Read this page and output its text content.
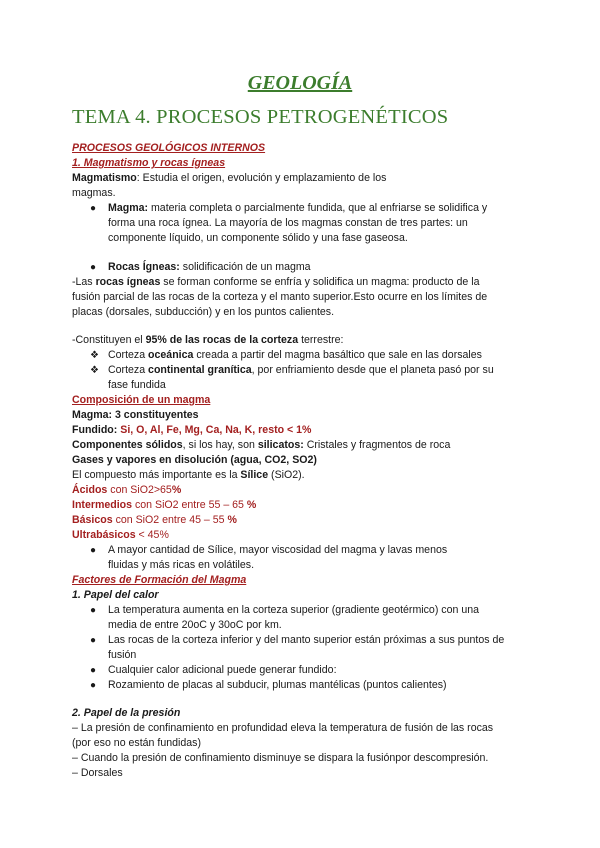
GEOLOGÍA
TEMA 4. PROCESOS PETROGENÉTICOS
PROCESOS GEOLÓGICOS INTERNOS
1. Magmatismo y rocas ígneas
Magmatismo: Estudia el origen, evolución y emplazamiento de los
magmas.
● Magma: materia completa o parcialmente fundida, que al enfriarse se solidifica y
forma una roca ígnea. La mayoría de los magmas constan de tres partes: un
componente líquido, un componente sólido y una fase gaseosa.
● Rocas Ígneas: solidificación de un magma
-Las rocas ígneas se forman conforme se enfría y solidifica un magma: producto de la
fusión parcial de las rocas de la corteza y el manto superior.Esto ocurre en los límites de
placas (dorsales, subducción) y en los puntos calientes.
-Constituyen el 95% de las rocas de la corteza terrestre:
❖ Corteza oceánica creada a partir del magma basáltico que sale en las dorsales
❖ Corteza continental granítica, por enfriamiento desde que el planeta pasó por su
fase fundida
Composición de un magma
Magma: 3 constituyentes
Fundido: Si, O, Al, Fe, Mg, Ca, Na, K, resto < 1%
Componentes sólidos, si los hay, son silicatos: Cristales y fragmentos de roca
Gases y vapores en disolución (agua, CO2, SO2)
El compuesto más importante es la Sílice (SiO2).
Ácidos con SiO2>65%
Intermedios con SiO2 entre 55 – 65 %
Básicos con SiO2 entre 45 – 55 %
Ultrabásicos < 45%
● A mayor cantidad de Sílice, mayor viscosidad del magma y lavas menos
fluidas y más ricas en volátiles.
Factores de Formación del Magma
1. Papel del calor
● La temperatura aumenta en la corteza superior (gradiente geotérmico) con una
media de entre 20oC y 30oC por km.
● Las rocas de la corteza inferior y del manto superior están próximas a sus puntos de
fusión
● Cualquier calor adicional puede generar fundido:
● Rozamiento de placas al subducir, plumas mantélicas (puntos calientes)
2. Papel de la presión
– La presión de confinamiento en profundidad eleva la temperatura de fusión de las rocas
(por eso no están fundidas)
– Cuando la presión de confinamiento disminuye se dispara la fusiónpor descompresión.
– Dorsales
